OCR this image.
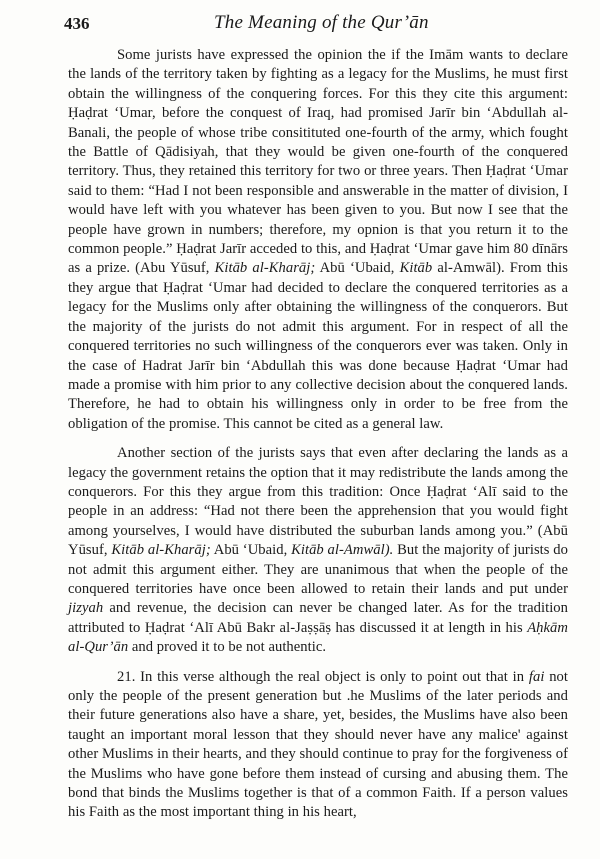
436	The Meaning of the Qur’ān

Some jurists have expressed the opinion the if the Imām wants to declare the lands of the territory taken by fighting as a legacy for the Muslims, he must first obtain the willingness of the conquering forces. For this they cite this argument: Ḥaḍrat ‘Umar, before the conquest of Iraq, had promised Jarīr bin ‘Abdullah al-Banali, the people of whose tribe consitituted one-fourth of the army, which fought the Battle of Qādisiyah, that they would be given one-fourth of the conquered territory. Thus, they retained this territory for two or three years. Then Ḥaḍrat ‘Umar said to them: “Had I not been responsible and answerable in the matter of division, I would have left with you whatever has been given to you. But now I see that the people have grown in numbers; therefore, my opnion is that you return it to the common people.” Ḥaḍrat Jarīr acceded to this, and Ḥaḍrat ‘Umar gave him 80 dīnārs as a prize. (Abu Yūsuf, Kitāb al-Kharāj; Abū ‘Ubaid, Kitāb al-Amwāl). From this they argue that Ḥaḍrat ‘Umar had decided to declare the conquered territories as a legacy for the Muslims only after obtaining the willingness of the conquerors. But the majority of the jurists do not admit this argument. For in respect of all the conquered territories no such willingness of the conquerors ever was taken. Only in the case of Hadrat Jarīr bin ‘Abdullah this was done because Ḥaḍrat ‘Umar had made a promise with him prior to any collective decision about the conquered lands. Therefore, he had to obtain his willingness only in order to be free from the obligation of the promise. This cannot be cited as a general law.

Another section of the jurists says that even after declaring the lands as a legacy the government retains the option that it may redistribute the lands among the conquerors. For this they argue from this tradition: Once Ḥaḍrat ‘Alī said to the people in an address: “Had not there been the apprehension that you would fight among yourselves, I would have distributed the suburban lands among you.” (Abū Yūsuf, Kitāb al-Kharāj; Abū ‘Ubaid, Kitāb al-Amwāl). But the majority of jurists do not admit this argument either. They are unanimous that when the people of the conquered territories have once been allowed to retain their lands and put under jizyah and revenue, the decision can never be changed later. As for the tradition attributed to Ḥaḍrat ‘Alī Abū Bakr al-Jaṣṣāṣ has discussed it at length in his Aḥkām al-Qur’ān and proved it to be not authentic.

21. In this verse although the real object is only to point out that in fai not only the people of the present generation but .he Muslims of the later periods and their future generations also have a share, yet, besides, the Muslims have also been taught an important moral lesson that they should never have any malice' against other Muslims in their hearts, and they should continue to pray for the forgiveness of the Muslims who have gone before them instead of cursing and abusing them. The bond that binds the Muslims together is that of a common Faith. If a person values his Faith as the most important thing in his heart,
